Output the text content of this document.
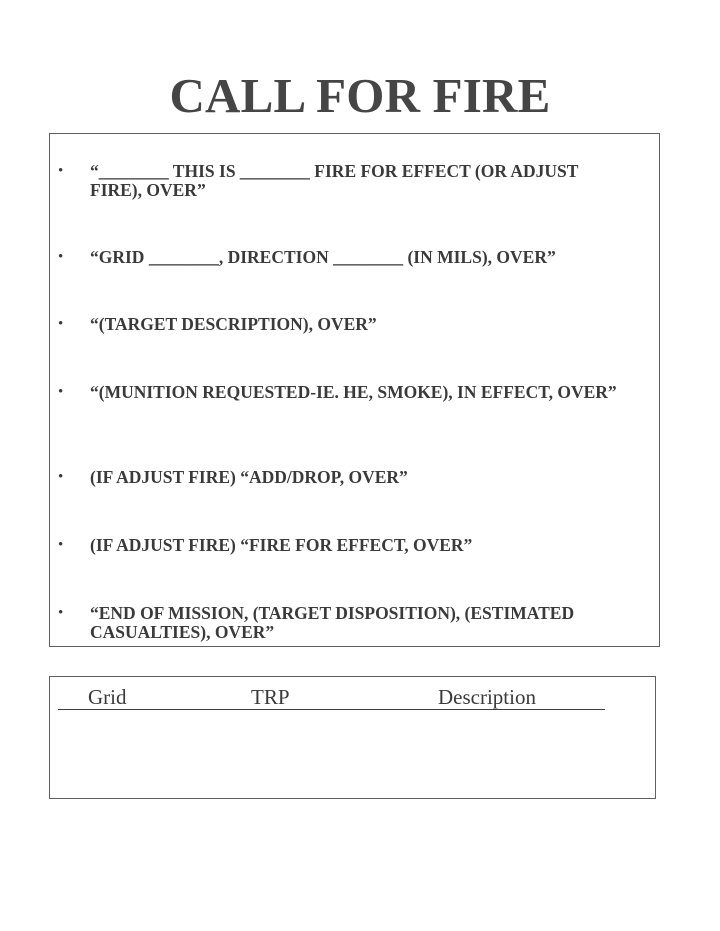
CALL FOR FIRE
• “________ THIS IS ________ FIRE FOR EFFECT (OR ADJUST FIRE), OVER”
• “GRID ________, DIRECTION ________ (IN MILS), OVER”
• “(TARGET DESCRIPTION), OVER”
• “(MUNITION REQUESTED-IE. HE, SMOKE), IN EFFECT, OVER”
• (IF ADJUST FIRE) “ADD/DROP, OVER”
• (IF ADJUST FIRE) “FIRE FOR EFFECT, OVER”
• “END OF MISSION, (TARGET DISPOSITION), (ESTIMATED CASUALTIES), OVER”
Grid	TRP	Description
